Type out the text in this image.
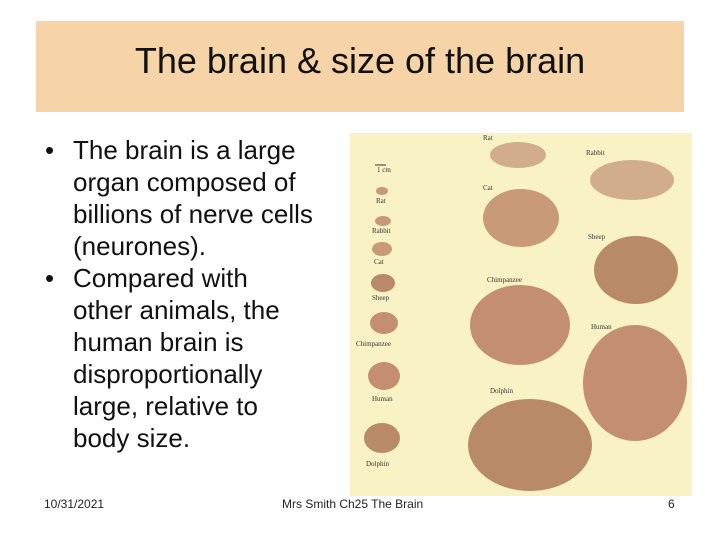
The brain & size of the brain
1 cm
Rat
Rabbit
Cat
Sheep
Chimpanzee
Human
Dolphin
Rat
Rabbit
Cat
Sheep
Chimpanzee
Human
Dolphin
• The brain is a large
organ composed of
billions of nerve cells
(neurones).
• Compared with
other animals, the
human brain is
disproportionally
large, relative to
body size.
10/31/2021	Mrs Smith Ch25 The Brain	6
